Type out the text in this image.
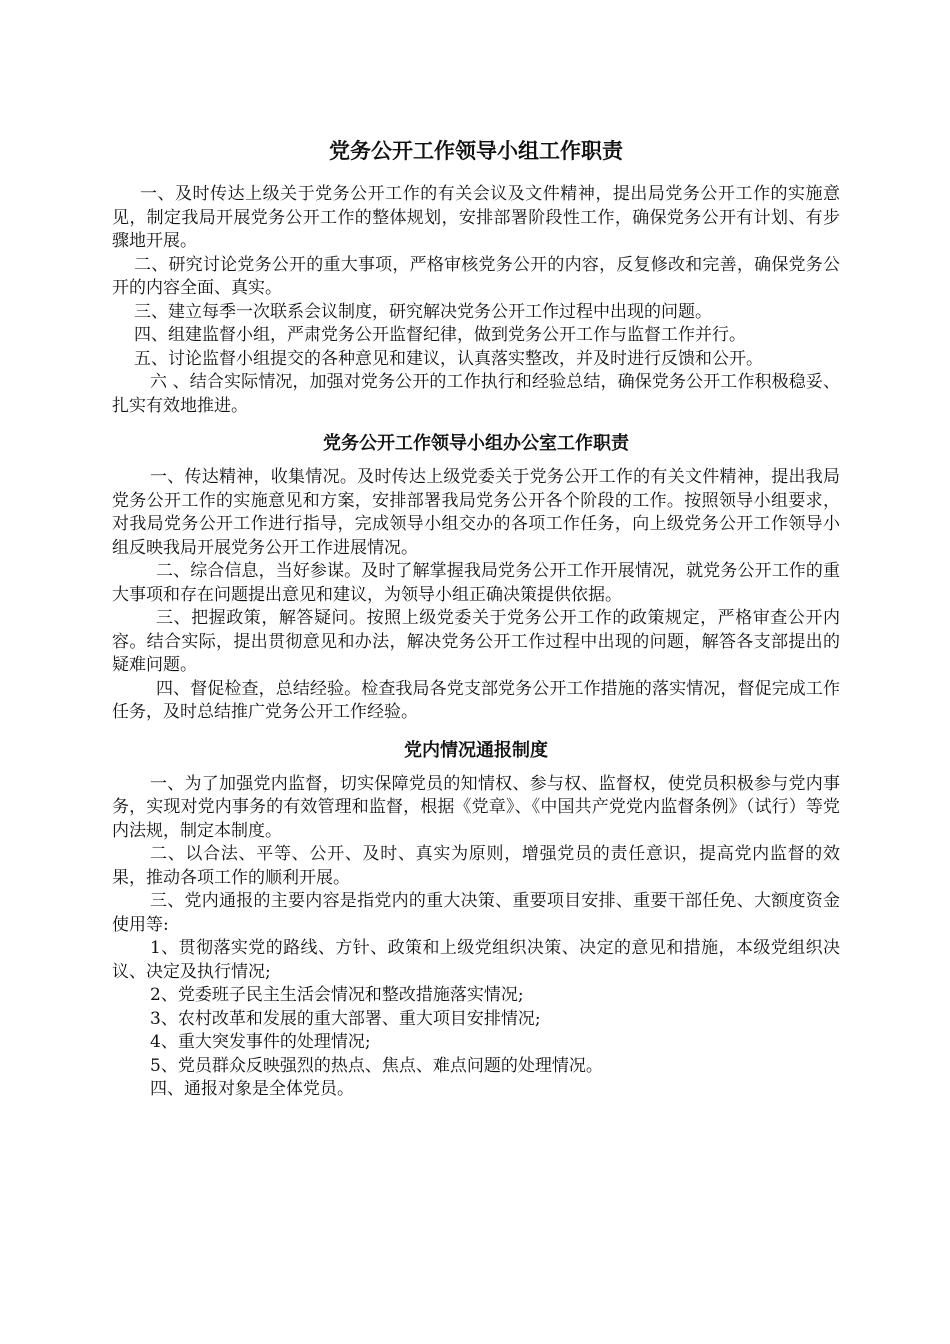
党务公开工作领导小组工作职责

一、及时传达上级关于党务公开工作的有关会议及文件精神，提出局党务公开工作的实施意见，制定我局开展党务公开工作的整体规划，安排部署阶段性工作，确保党务公开有计划、有步骤地开展。

二、研究讨论党务公开的重大事项，严格审核党务公开的内容，反复修改和完善，确保党务公开的内容全面、真实。

三、建立每季一次联系会议制度，研究解决党务公开工作过程中出现的问题。

四、组建监督小组，严肃党务公开监督纪律，做到党务公开工作与监督工作并行。

五、讨论监督小组提交的各种意见和建议，认真落实整改，并及时进行反馈和公开。

六 、结合实际情况，加强对党务公开的工作执行和经验总结，确保党务公开工作积极稳妥、扎实有效地推进。

党务公开工作领导小组办公室工作职责

一、传达精神，收集情况。及时传达上级党委关于党务公开工作的有关文件精神，提出我局党务公开工作的实施意见和方案，安排部署我局党务公开各个阶段的工作。按照领导小组要求，对我局党务公开工作进行指导，完成领导小组交办的各项工作任务，向上级党务公开工作领导小组反映我局开展党务公开工作进展情况。

二、综合信息，当好参谋。及时了解掌握我局党务公开工作开展情况，就党务公开工作的重大事项和存在问题提出意见和建议，为领导小组正确决策提供依据。

三、把握政策，解答疑问。按照上级党委关于党务公开工作的政策规定，严格审查公开内容。结合实际，提出贯彻意见和办法，解决党务公开工作过程中出现的问题，解答各支部提出的疑难问题。

四、督促检查，总结经验。检查我局各党支部党务公开工作措施的落实情况，督促完成工作任务，及时总结推广党务公开工作经验。

党内情况通报制度

一、为了加强党内监督，切实保障党员的知情权、参与权、监督权，使党员积极参与党内事务，实现对党内事务的有效管理和监督，根据《党章》、《中国共产党党内监督条例》（试行）等党内法规，制定本制度。

二、以合法、平等、公开、及时、真实为原则，增强党员的责任意识，提高党内监督的效果，推动各项工作的顺利开展。

三、党内通报的主要内容是指党内的重大决策、重要项目安排、重要干部任免、大额度资金使用等:

1、贯彻落实党的路线、方针、政策和上级党组织决策、决定的意见和措施，本级党组织决议、决定及执行情况;

2、党委班子民主生活会情况和整改措施落实情况;

3、农村改革和发展的重大部署、重大项目安排情况;

4、重大突发事件的处理情况;

5、党员群众反映强烈的热点、焦点、难点问题的处理情况。

四、通报对象是全体党员。
